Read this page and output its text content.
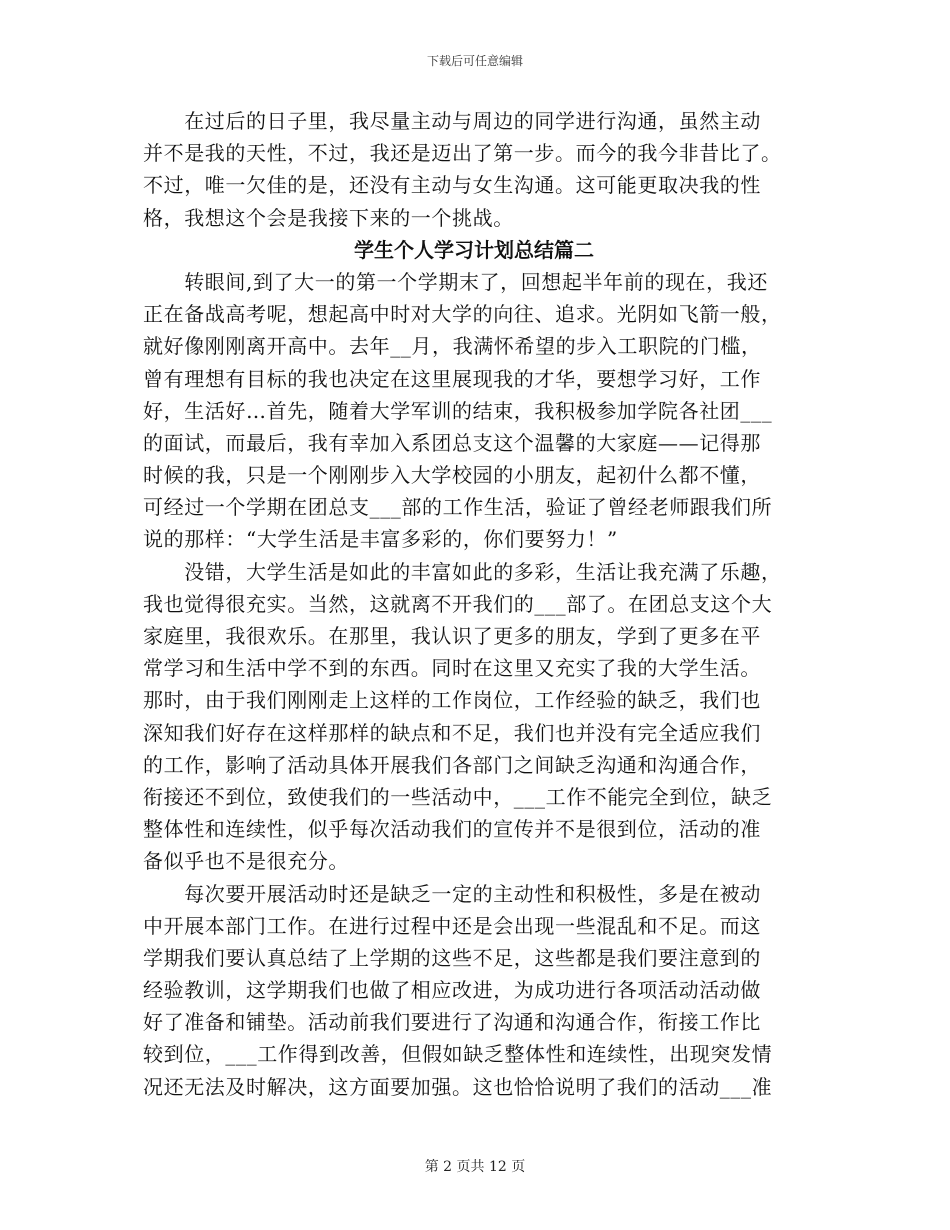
下载后可任意编辑
　　在过后的日子里，我尽量主动与周边的同学进行沟通，虽然主动
并不是我的天性，不过，我还是迈出了第一步。而今的我今非昔比了。
不过，唯一欠佳的是，还没有主动与女生沟通。这可能更取决我的性
格，我想这个会是我接下来的一个挑战。
学生个人学习计划总结篇二
　　转眼间,到了大一的第一个学期末了，回想起半年前的现在，我还
正在备战高考呢，想起高中时对大学的向往、追求。光阴如飞箭一般，
就好像刚刚离开高中。去年__月，我满怀希望的步入工职院的门槛，
曾有理想有目标的我也决定在这里展现我的才华，要想学习好，工作
好，生活好…首先，随着大学军训的结束，我积极参加学院各社团___
的面试，而最后，我有幸加入系团总支这个温馨的大家庭——记得那
时候的我，只是一个刚刚步入大学校园的小朋友，起初什么都不懂，
可经过一个学期在团总支___部的工作生活，验证了曾经老师跟我们所
说的那样：“大学生活是丰富多彩的，你们要努力！”
　　没错，大学生活是如此的丰富如此的多彩，生活让我充满了乐趣，
我也觉得很充实。当然，这就离不开我们的___部了。在团总支这个大
家庭里，我很欢乐。在那里，我认识了更多的朋友，学到了更多在平
常学习和生活中学不到的东西。同时在这里又充实了我的大学生活。
那时，由于我们刚刚走上这样的工作岗位，工作经验的缺乏，我们也
深知我们好存在这样那样的缺点和不足，我们也并没有完全适应我们
的工作，影响了活动具体开展我们各部门之间缺乏沟通和沟通合作，
衔接还不到位，致使我们的一些活动中，___工作不能完全到位，缺乏
整体性和连续性，似乎每次活动我们的宣传并不是很到位，活动的准
备似乎也不是很充分。
　　每次要开展活动时还是缺乏一定的主动性和积极性，多是在被动
中开展本部门工作。在进行过程中还是会出现一些混乱和不足。而这
学期我们要认真总结了上学期的这些不足，这些都是我们要注意到的
经验教训，这学期我们也做了相应改进，为成功进行各项活动活动做
好了准备和铺垫。活动前我们要进行了沟通和沟通合作，衔接工作比
较到位，___工作得到改善，但假如缺乏整体性和连续性，出现突发情
况还无法及时解决，这方面要加强。这也恰恰说明了我们的活动___准
第 2 页共 12 页
